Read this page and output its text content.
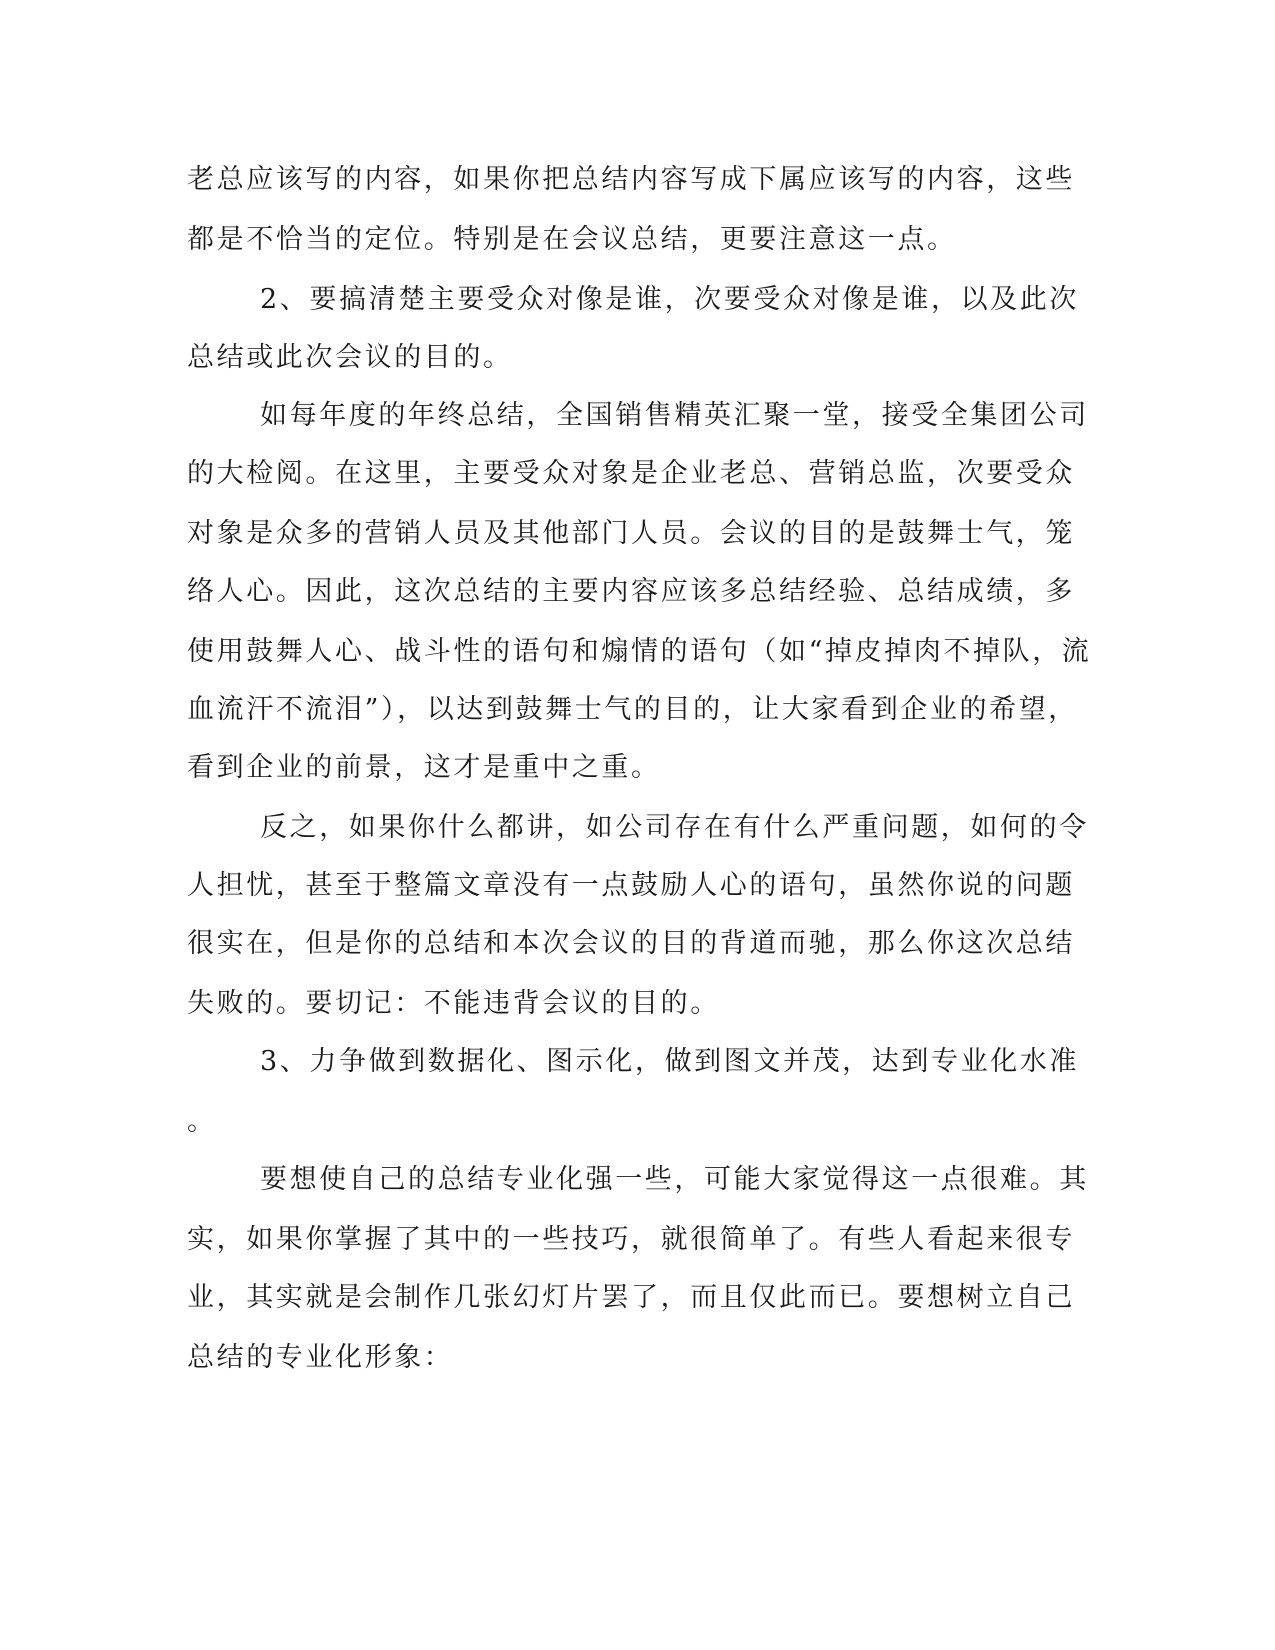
老总应该写的内容，如果你把总结内容写成下属应该写的内容，这些
都是不恰当的定位。特别是在会议总结，更要注意这一点。
2、要搞清楚主要受众对像是谁，次要受众对像是谁，以及此次
总结或此次会议的目的。
如每年度的年终总结，全国销售精英汇聚一堂，接受全集团公司
的大检阅。在这里，主要受众对象是企业老总、营销总监，次要受众
对象是众多的营销人员及其他部门人员。会议的目的是鼓舞士气，笼
络人心。因此，这次总结的主要内容应该多总结经验、总结成绩，多
使用鼓舞人心、战斗性的语句和煽情的语句（如“掉皮掉肉不掉队，流
血流汗不流泪”），以达到鼓舞士气的目的，让大家看到企业的希望，
看到企业的前景，这才是重中之重。
反之，如果你什么都讲，如公司存在有什么严重问题，如何的令
人担忧，甚至于整篇文章没有一点鼓励人心的语句，虽然你说的问题
很实在，但是你的总结和本次会议的目的背道而驰，那么你这次总结
失败的。要切记：不能违背会议的目的。
3、力争做到数据化、图示化，做到图文并茂，达到专业化水准
。
要想使自己的总结专业化强一些，可能大家觉得这一点很难。其
实，如果你掌握了其中的一些技巧，就很简单了。有些人看起来很专
业，其实就是会制作几张幻灯片罢了，而且仅此而已。要想树立自己
总结的专业化形象：
